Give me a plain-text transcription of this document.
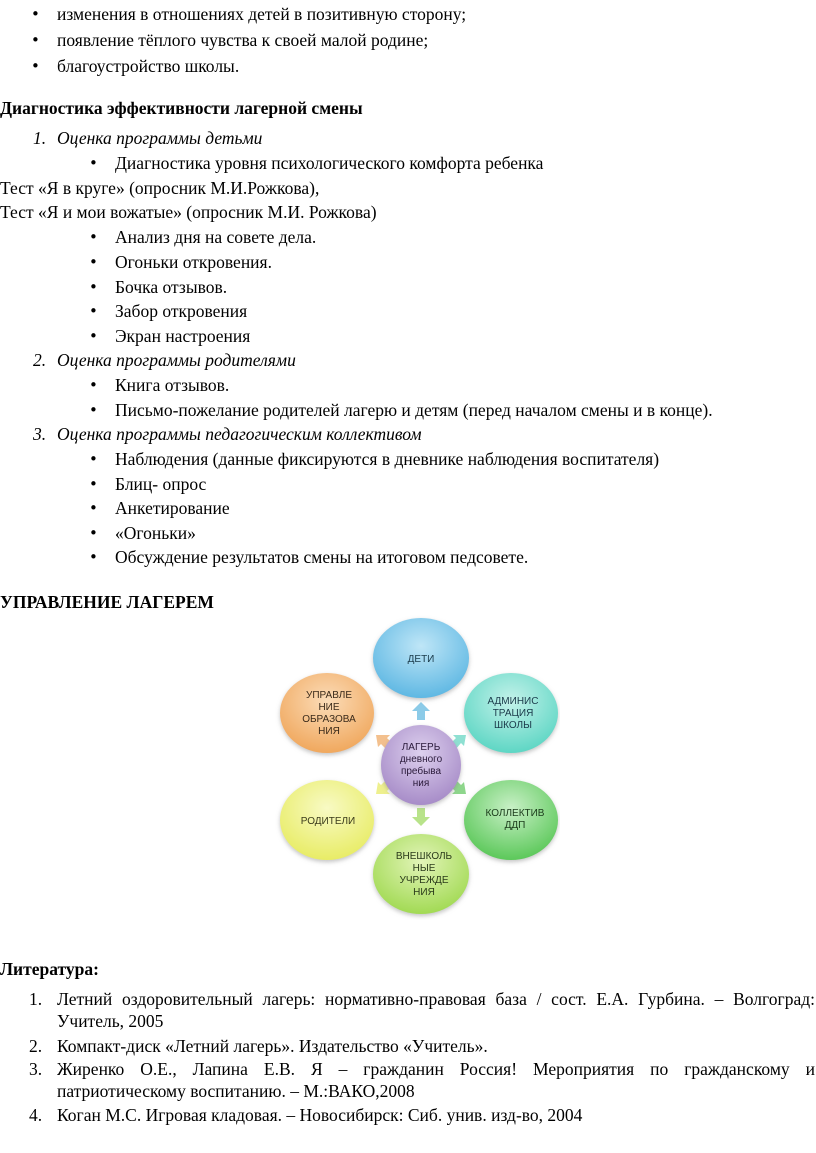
• изменения в отношениях детей в позитивную сторону;
• появление тёплого чувства к своей малой родине;
• благоустройство школы.
Диагностика эффективности лагерной смены
1. Оценка программы детьми
• Диагностика уровня психологического комфорта ребенка
Тест «Я в круге» (опросник М.И.Рожкова),
Тест «Я и мои вожатые» (опросник М.И. Рожкова)
• Анализ дня на совете дела.
• Огоньки откровения.
• Бочка отзывов.
• Забор откровения
• Экран настроения
2. Оценка программы родителями
• Книга отзывов.
• Письмо-пожелание родителей лагерю и детям (перед началом смены и в конце).
3. Оценка программы педагогическим коллективом
• Наблюдения (данные фиксируются в дневнике наблюдения воспитателя)
• Блиц- опрос
• Анкетирование
• «Огоньки»
• Обсуждение результатов смены на итоговом педсовете.
УПРАВЛЕНИЕ ЛАГЕРЕМ
ДЕТИ
АДМИНИС
ТРАЦИЯ
ШКОЛЫ
КОЛЛЕКТИВ
ДДП
ВНЕШКОЛЬ
НЫЕ
УЧРЕЖДЕ
НИЯ
РОДИТЕЛИ
УПРАВЛЕ
НИЕ
ОБРАЗОВА
НИЯ
ЛАГЕРЬ
дневного
пребыва
ния
Литература:
1. Летний оздоровительный лагерь: нормативно-правовая база / сост. Е.А. Гурбина. – Волгоград: Учитель, 2005
2. Компакт-диск «Летний лагерь». Издательство «Учитель».
3. Жиренко О.Е., Лапина Е.В. Я – гражданин Россия! Мероприятия по гражданскому и патриотическому воспитанию. – М.:ВАКО,2008
4. Коган М.С. Игровая кладовая. – Новосибирск: Сиб. унив. изд-во, 2004
